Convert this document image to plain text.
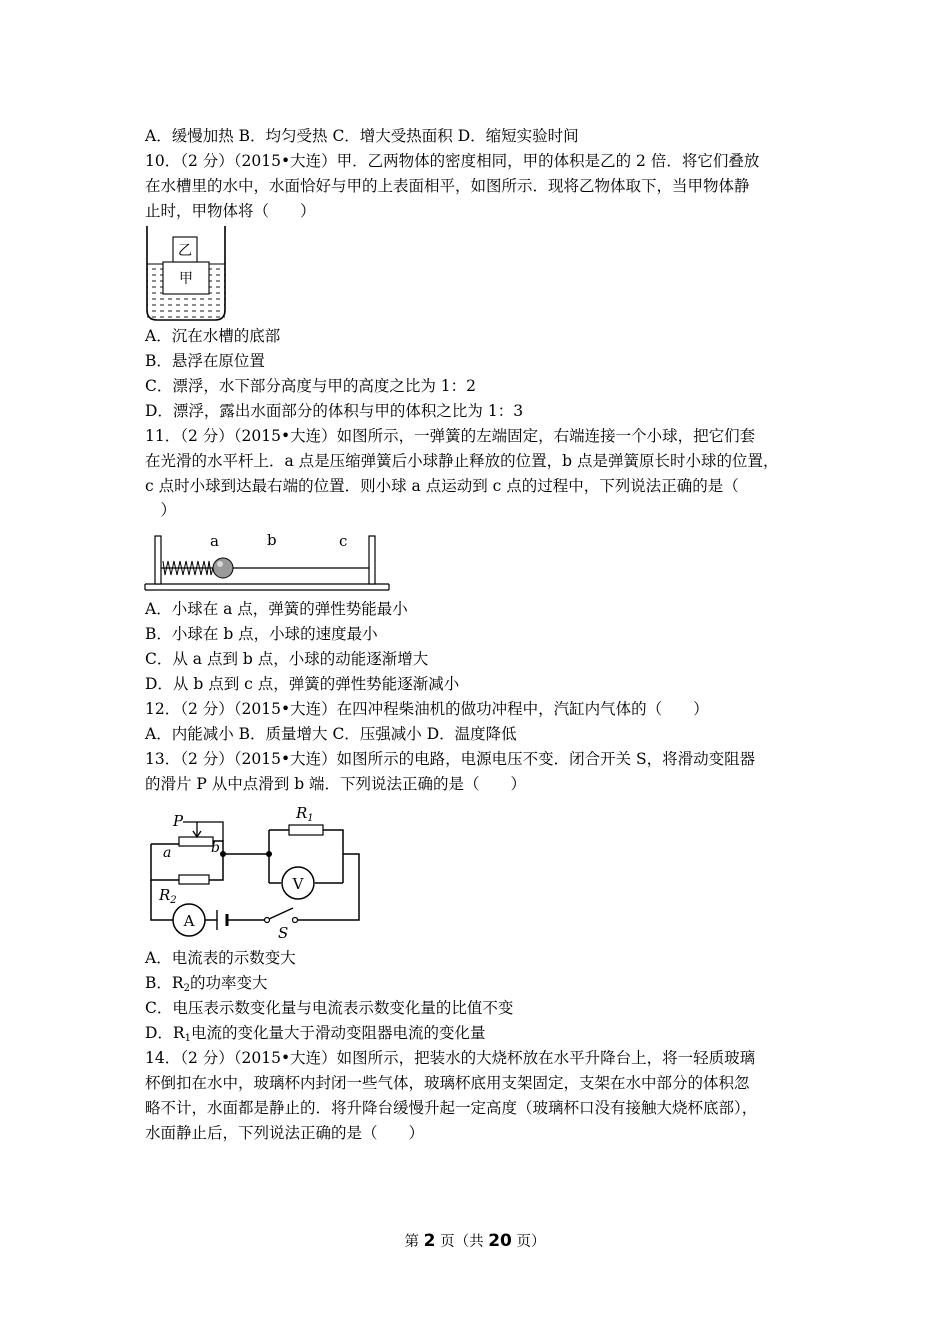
A．缓慢加热 B．均匀受热 C．增大受热面积 D．缩短实验时间
10．（2 分）（2015•大连）甲．乙两物体的密度相同，甲的体积是乙的 2 倍．将它们叠放
在水槽里的水中，水面恰好与甲的上表面相平，如图所示．现将乙物体取下，当甲物体静
止时，甲物体将（　　）
乙
甲
A．沉在水槽的底部
B．悬浮在原位置
C．漂浮，水下部分高度与甲的高度之比为 1：2
D．漂浮，露出水面部分的体积与甲的体积之比为 1：3
11．（2 分）（2015•大连）如图所示，一弹簧的左端固定，右端连接一个小球，把它们套
在光滑的水平杆上．a 点是压缩弹簧后小球静止释放的位置，b 点是弹簧原长时小球的位置，
c 点时小球到达最右端的位置．则小球 a 点运动到 c 点的过程中，下列说法正确的是（
　）
a	b	c
A．小球在 a 点，弹簧的弹性势能最小
B．小球在 b 点，小球的速度最小
C．从 a 点到 b 点，小球的动能逐渐增大
D．从 b 点到 c 点，弹簧的弹性势能逐渐减小
12．（2 分）（2015•大连）在四冲程柴油机的做功冲程中，汽缸内气体的（　　）
A．内能减小 B．质量增大 C．压强减小 D．温度降低
13．（2 分）（2015•大连）如图所示的电路，电源电压不变．闭合开关 S，将滑动变阻器
的滑片 P 从中点滑到 b 端．下列说法正确的是（　　）
V
A
P
a	b
$R_1$
$R_2$
S
A．电流表的示数变大
B．$R_2$的功率变大
C．电压表示数变化量与电流表示数变化量的比值不变
D．$R_1$电流的变化量大于滑动变阻器电流的变化量
14．（2 分）（2015•大连）如图所示，把装水的大烧杯放在水平升降台上，将一轻质玻璃
杯倒扣在水中，玻璃杯内封闭一些气体，玻璃杯底用支架固定，支架在水中部分的体积忽
略不计，水面都是静止的．将升降台缓慢升起一定高度（玻璃杯口没有接触大烧杯底部），
水面静止后，下列说法正确的是（　　）
第 2 页（共 20 页）
